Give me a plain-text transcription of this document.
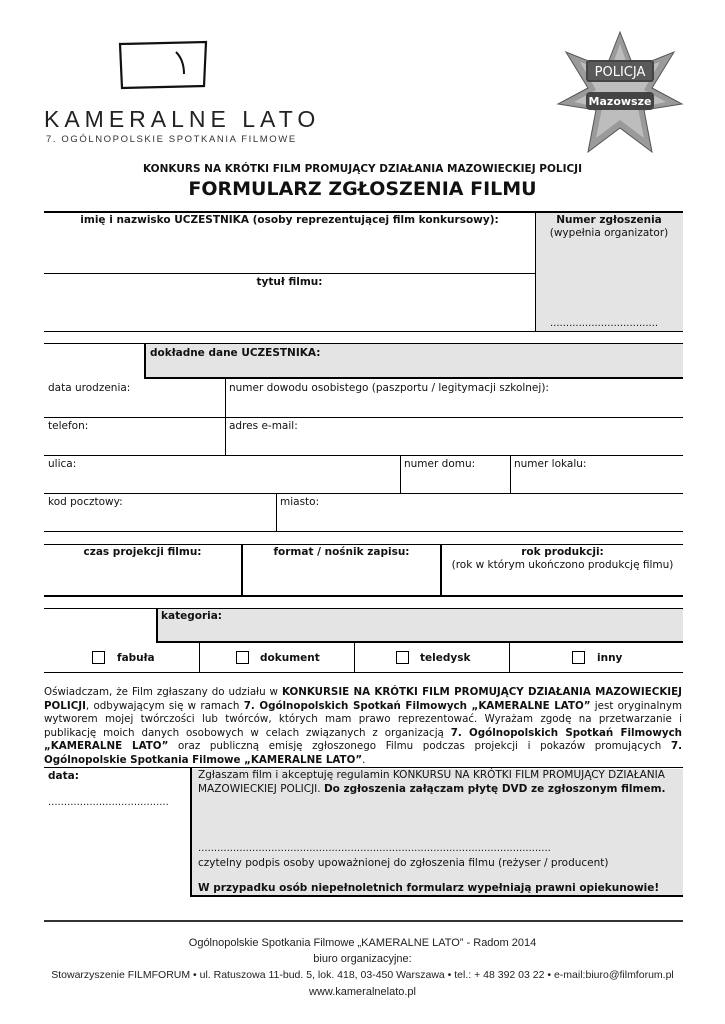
KAMERALNE LATO
7. OGÓLNOPOLSKIE SPOTKANIA FILMOWE
POLICJA
Mazowsze
KONKURS NA KRÓTKI FILM PROMUJĄCY DZIAŁANIA MAZOWIECKIEJ POLICJI
FORMULARZ ZGŁOSZENIA FILMU
imię i nazwisko UCZESTNIKA (osoby reprezentującej film konkursowy):	Numer zgłoszenia
(wypełnia organizator)
..................................
tytuł filmu:
dokładne dane UCZESTNIKA:
data urodzenia:	numer dowodu osobistego (paszportu / legitymacji szkolnej):
telefon:	adres e-mail:
ulica:	numer domu:	numer lokalu:
kod pocztowy:	miasto:
czas projekcji filmu:	format / nośnik zapisu:	rok produkcji:
(rok w którym ukończono produkcję filmu)
kategoria:
fabuła	dokument	teledysk	inny
Oświadczam, że Film zgłaszany do udziału w KONKURSIE NA KRÓTKI FILM PROMUJĄCY DZIAŁANIA MAZOWIECKIEJ POLICJI, odbywającym się w ramach 7. Ogólnopolskich Spotkań Filmowych „KAMERALNE LATO” jest oryginalnym wytworem mojej twórczości lub twórców, których mam prawo reprezentować. Wyrażam zgodę na przetwarzanie i publikację moich danych osobowych w celach związanych z organizacją 7. Ogólnopolskich Spotkań Filmowych „KAMERALNE LATO” oraz publiczną emisję zgłoszonego Filmu podczas projekcji i pokazów promujących 7. Ogólnopolskie Spotkania Filmowe „KAMERALNE LATO”.
data:
......................................
Zgłaszam film i akceptuję regulamin KONKURSU NA KRÓTKI FILM PROMUJĄCY DZIAŁANIA MAZOWIECKIEJ POLICJI. Do zgłoszenia załączam płytę DVD ze zgłoszonym filmem.
...............................................................................................................
czytelny podpis osoby upoważnionej do zgłoszenia filmu (reżyser / producent)
W przypadku osób niepełnoletnich formularz wypełniają prawni opiekunowie!
Ogólnopolskie Spotkania Filmowe „KAMERALNE LATO” - Radom 2014
biuro organizacyjne:
Stowarzyszenie FILMFORUM • ul. Ratuszowa 11-bud. 5, lok. 418, 03-450 Warszawa • tel.: + 48 392 03 22 • e-mail:biuro@filmforum.pl
www.kameralnelato.pl
